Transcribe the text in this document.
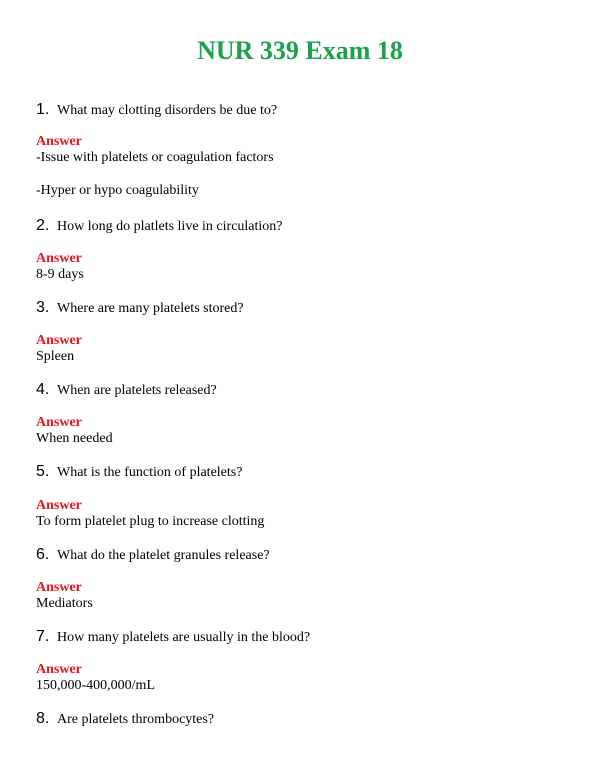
NUR 339 Exam 18
1. What may clotting disorders be due to?
Answer
-Issue with platelets or coagulation factors
-Hyper or hypo coagulability
2. How long do platlets live in circulation?
Answer
8-9 days
3. Where are many platelets stored?
Answer
Spleen
4. When are platelets released?
Answer
When needed
5. What is the function of platelets?
Answer
To form platelet plug to increase clotting
6. What do the platelet granules release?
Answer
Mediators
7. How many platelets are usually in the blood?
Answer
150,000-400,000/mL
8. Are platelets thrombocytes?
